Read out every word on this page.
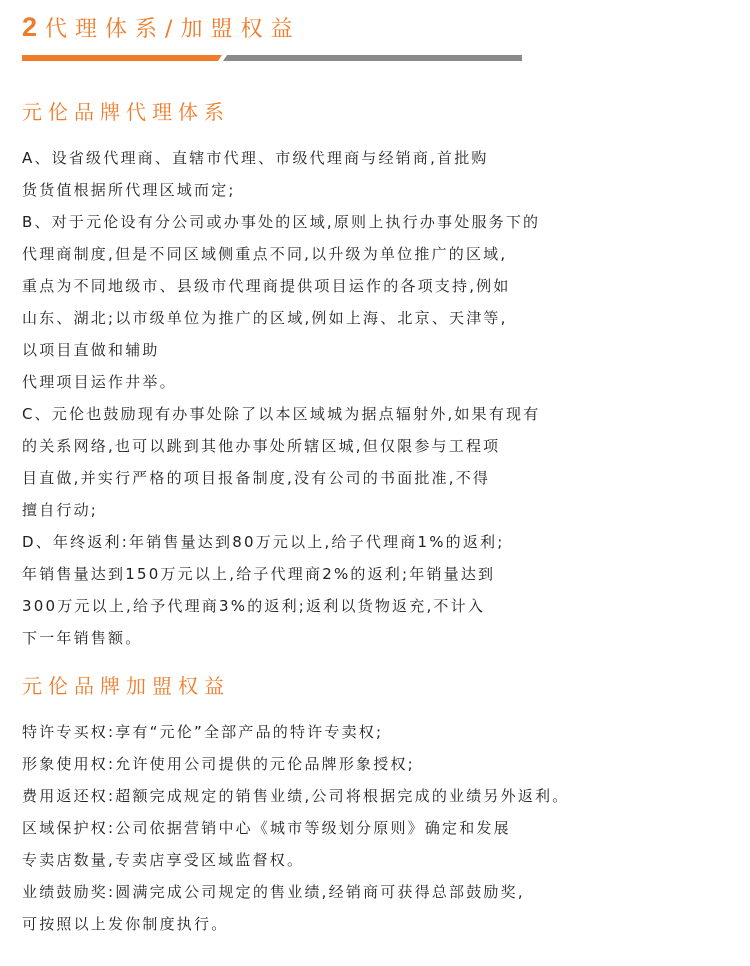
2 代理体系/加盟权益
元伦品牌代理体系
A、设省级代理商、直辖市代理、市级代理商与经销商,首批购
货货值根据所代理区域而定;
B、对于元伦设有分公司或办事处的区域,原则上执行办事处服务下的
代理商制度,但是不同区域侧重点不同,以升级为单位推广的区域,
重点为不同地级市、县级市代理商提供项目运作的各项支持,例如
山东、湖北;以市级单位为推广的区域,例如上海、北京、天津等,
以项目直做和辅助
代理项目运作井举。
C、元伦也鼓励现有办事处除了以本区域城为据点辐射外,如果有现有
的关系网络,也可以跳到其他办事处所辖区城,但仅限参与工程项
目直做,并实行严格的项目报备制度,没有公司的书面批准,不得
擅自行动;
D、年终返利:年销售量达到80万元以上,给子代理商1%的返利;
年销售量达到150万元以上,给子代理商2%的返利;年销量达到
300万元以上,给予代理商3%的返利;返利以货物返充,不计入
下一年销售额。
元伦品牌加盟权益
特许专买权:享有“元伦”全部产品的特许专卖权;
形象使用权:允许使用公司提供的元伦品牌形象授权;
费用返还权:超额完成规定的销售业绩,公司将根据完成的业绩另外返利。
区域保护权:公司依据营销中心《城市等级划分原则》确定和发展
专卖店数量,专卖店享受区域监督权。
业绩鼓励奖:圆满完成公司规定的售业绩,经销商可获得总部鼓励奖,
可按照以上发你制度执行。
